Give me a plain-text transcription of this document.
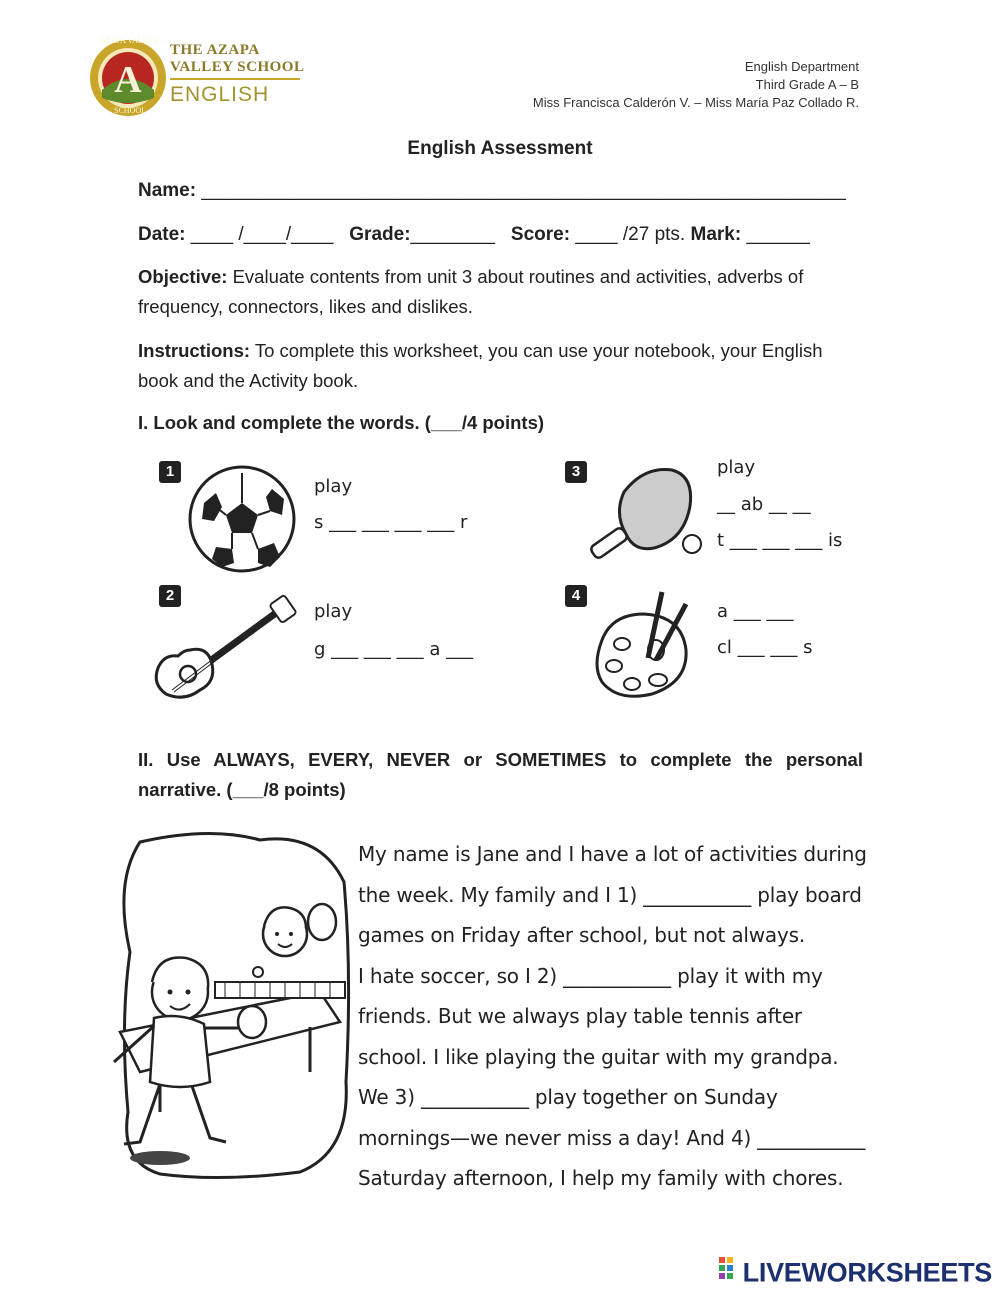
A
AZAPA VALLEY
SCHOOL
THE AZAPA
VALLEY SCHOOL
ENGLISH
English Department
Third Grade A – B
Miss Francisca Calderón V. – Miss María Paz Collado R.
English Assessment
Name: _____________________________________________________________
Date: ____ /____/____ Grade:________ Score: ____ /27 pts. Mark: ______
Objective: Evaluate contents from unit 3 about routines and activities, adverbs of frequency, connectors, likes and dislikes.
Instructions: To complete this worksheet, you can use your notebook, your English book and the Activity book.
I. Look and complete the words. (___/4 points)
1
play
s ___ ___ ___ ___ r
2
play
g ___ ___ ___ a ___
3	play
__ ab __ __
t ___ ___ ___ is
4
a ___ ___
cl ___ ___ s
II. Use ALWAYS, EVERY, NEVER or SOMETIMES to complete the personal
narrative. (___/8 points)
My name is Jane and I have a lot of activities during
the week. My family and I 1) ___________ play board
games on Friday after school, but not always.
I hate soccer, so I 2) ___________ play it with my
friends. But we always play table tennis after
school. I like playing the guitar with my grandpa.
We 3) ___________ play together on Sunday
mornings—we never miss a day! And 4) ___________
Saturday afternoon, I help my family with chores.
LIVEWORKSHEETS
